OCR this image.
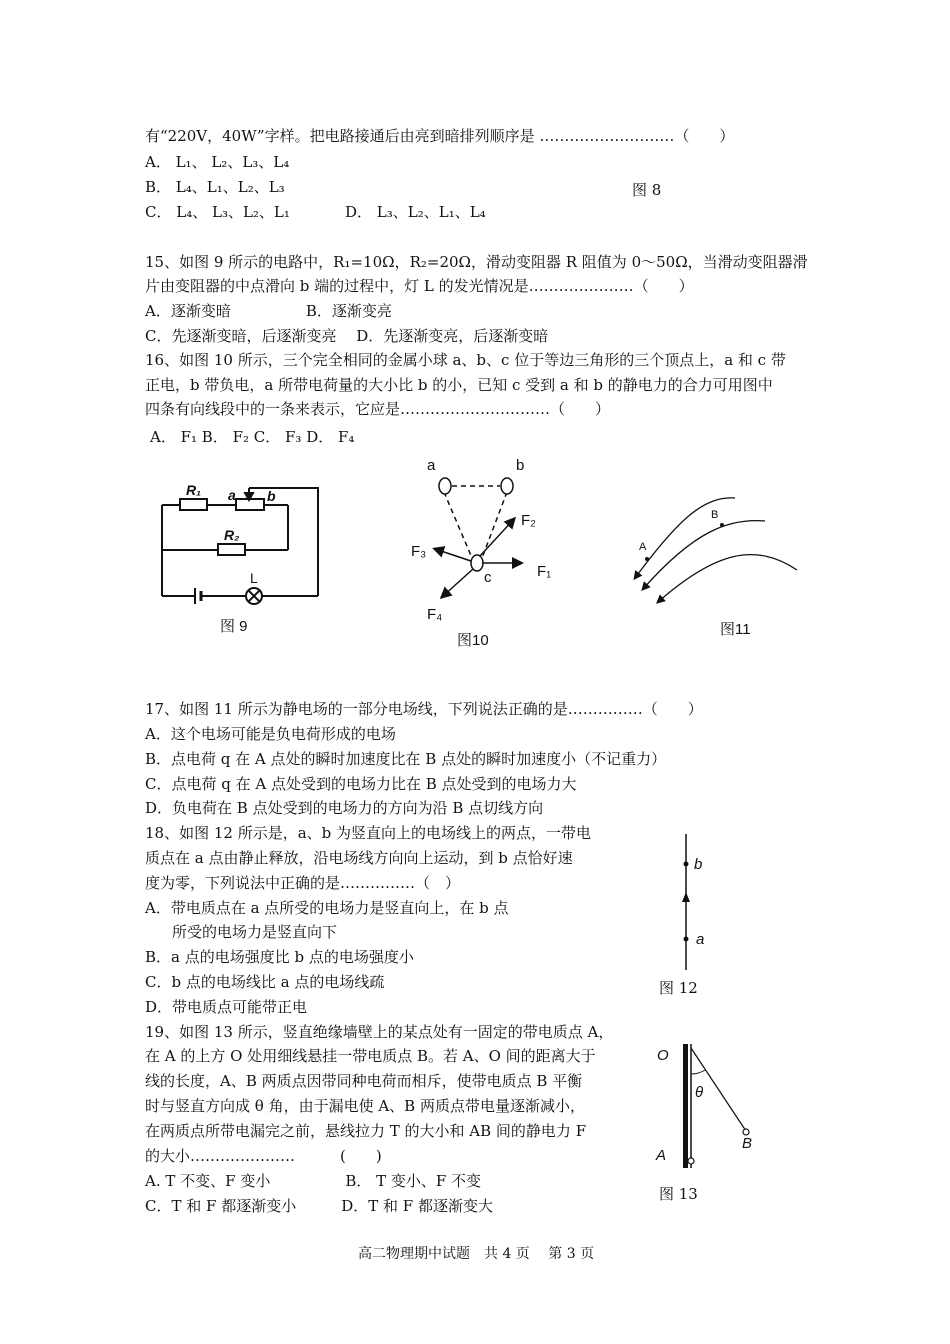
有“220V，40W”字样。把电路接通后由亮到暗排列顺序是 ………………………（　　）
A． L₁、 L₂、L₃、L₄
B． L₄、L₁、L₂、L₃	图 8
C． L₄、 L₃、L₂、L₁	D． L₃、L₂、L₁、L₄
15、如图 9 所示的电路中，R₁=10Ω，R₂=20Ω，滑动变阻器 R 阻值为 0～50Ω，当滑动变阻器滑
片由变阻器的中点滑向 b 端的过程中，灯 L 的发光情况是…………………（　　）
A．逐渐变暗　　　　　B．逐渐变亮
C．先逐渐变暗，后逐渐变亮　 D．先逐渐变亮，后逐渐变暗
16、如图 10 所示，三个完全相同的金属小球 a、b、c 位于等边三角形的三个顶点上，a 和 c 带
正电，b 带负电，a 所带电荷量的大小比 b 的小，已知 c 受到 a 和 b 的静电力的合力可用图中
四条有向线段中的一条来表示，它应是…………………………（　　）
A． F₁ B． F₂ C． F₃ D． F₄
R₁ a b
R₂
L
图 9
a	b
c	F₁
F₂
F₃
F₄
图10
A
B
图11
17、如图 11 所示为静电场的一部分电场线，下列说法正确的是……………（　　）
A．这个电场可能是负电荷形成的电场
B．点电荷 q 在 A 点处的瞬时加速度比在 B 点处的瞬时加速度小（不记重力）
C．点电荷 q 在 A 点处受到的电场力比在 B 点处受到的电场力大
D．负电荷在 B 点处受到的电场力的方向为沿 B 点切线方向
18、如图 12 所示是，a、b 为竖直向上的电场线上的两点，一带电
质点在 a 点由静止释放，沿电场线方向向上运动，到 b 点恰好速
度为零，下列说法中正确的是……………（　）
A．带电质点在 a 点所受的电场力是竖直向上，在 b 点
所受的电场力是竖直向下
B．a 点的电场强度比 b 点的电场强度小
C．b 点的电场线比 a 点的电场线疏
D．带电质点可能带正电
b
a
图 12
19、如图 13 所示，竖直绝缘墙壁上的某点处有一固定的带电质点 A，
在 A 的上方 O 处用细线悬挂一带电质点 B。若 A、O 间的距离大于
线的长度，A、B 两质点因带同种电荷而相斥，使带电质点 B 平衡
时与竖直方向成 θ 角，由于漏电使 A、B 两质点带电量逐渐减小，
在两质点所带电漏完之前，悬线拉力 T 的大小和 AB 间的静电力 F
的大小…………………　　　(　　)
A. T 不变、F 变小　　　　　B． T 变小、F 不变
C．T 和 F 都逐渐变小　　　D．T 和 F 都逐渐变大
O
θ
B
A
图 13
高二物理期中试题　共 4 页　 第 3 页
